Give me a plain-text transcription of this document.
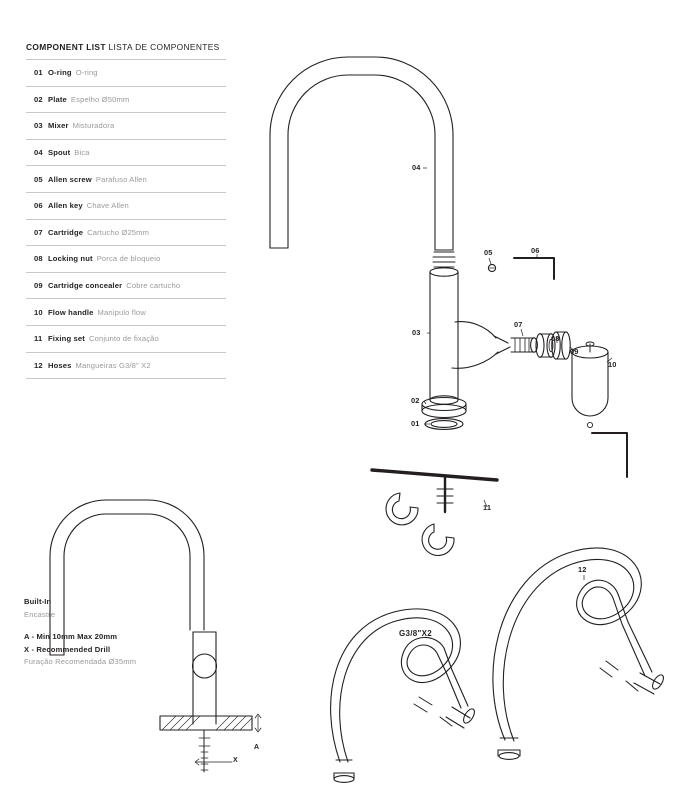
COMPONENT LIST LISTA DE COMPONENTES
01 O-ring O-ring
02 Plate Espelho Ø50mm
03 Mixer Misturadora
04 Spout Bica
05 Allen screw Parafuso Allen
06 Allen key Chave Allen
07 Cartridge Cartucho Ø25mm
08 Locking nut Porca de bloqueio
09 Cartridge concealer Cobre cartucho
10 Flow handle Manipulo flow
11 Fixing set Conjunto de fixação
12 Hoses Mangueiras G3/8" X2
Built-In
Encastre
A - Min 10mm Max 20mm
X - Recommended Drill
Furação Recomendada Ø35mm
04
03
02
01
05	06
07
08
09
10
11
12
G3/8"X2
A
X
